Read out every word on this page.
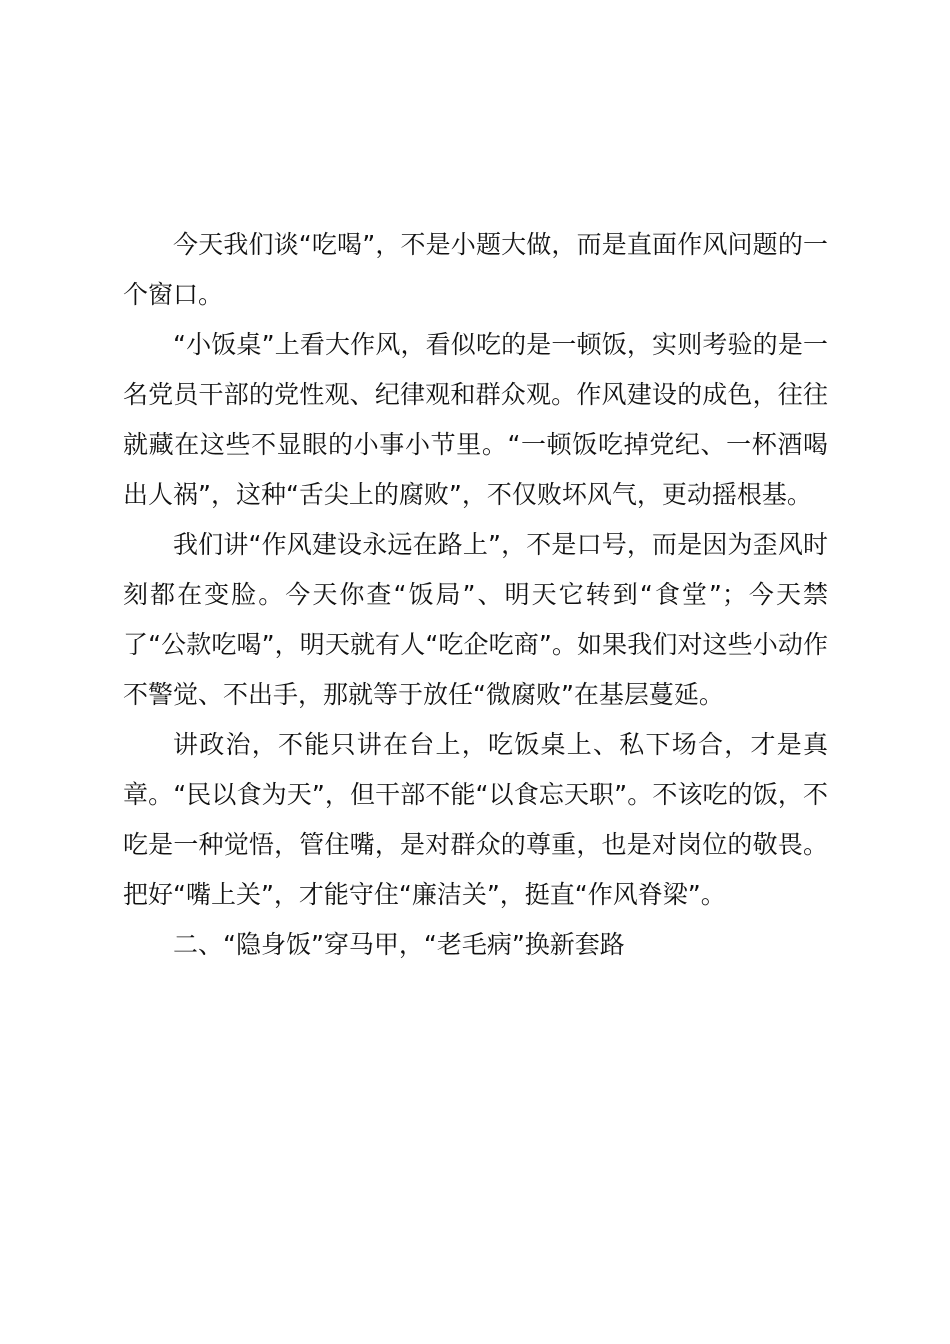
今天我们谈“吃喝”，不是小题大做，而是直面作风问题的一个窗口。

“小饭桌”上看大作风，看似吃的是一顿饭，实则考验的是一名党员干部的党性观、纪律观和群众观。作风建设的成色，往往就藏在这些不显眼的小事小节里。“一顿饭吃掉党纪、一杯酒喝出人祸”，这种“舌尖上的腐败”，不仅败坏风气，更动摇根基。

我们讲“作风建设永远在路上”，不是口号，而是因为歪风时刻都在变脸。今天你查“饭局”、明天它转到“食堂”；今天禁了“公款吃喝”，明天就有人“吃企吃商”。如果我们对这些小动作不警觉、不出手，那就等于放任“微腐败”在基层蔓延。

讲政治，不能只讲在台上，吃饭桌上、私下场合，才是真章。“民以食为天”，但干部不能“以食忘天职”。不该吃的饭，不吃是一种觉悟，管住嘴，是对群众的尊重，也是对岗位的敬畏。把好“嘴上关”，才能守住“廉洁关”，挺直“作风脊梁”。

二、“隐身饭”穿马甲，“老毛病”换新套路
